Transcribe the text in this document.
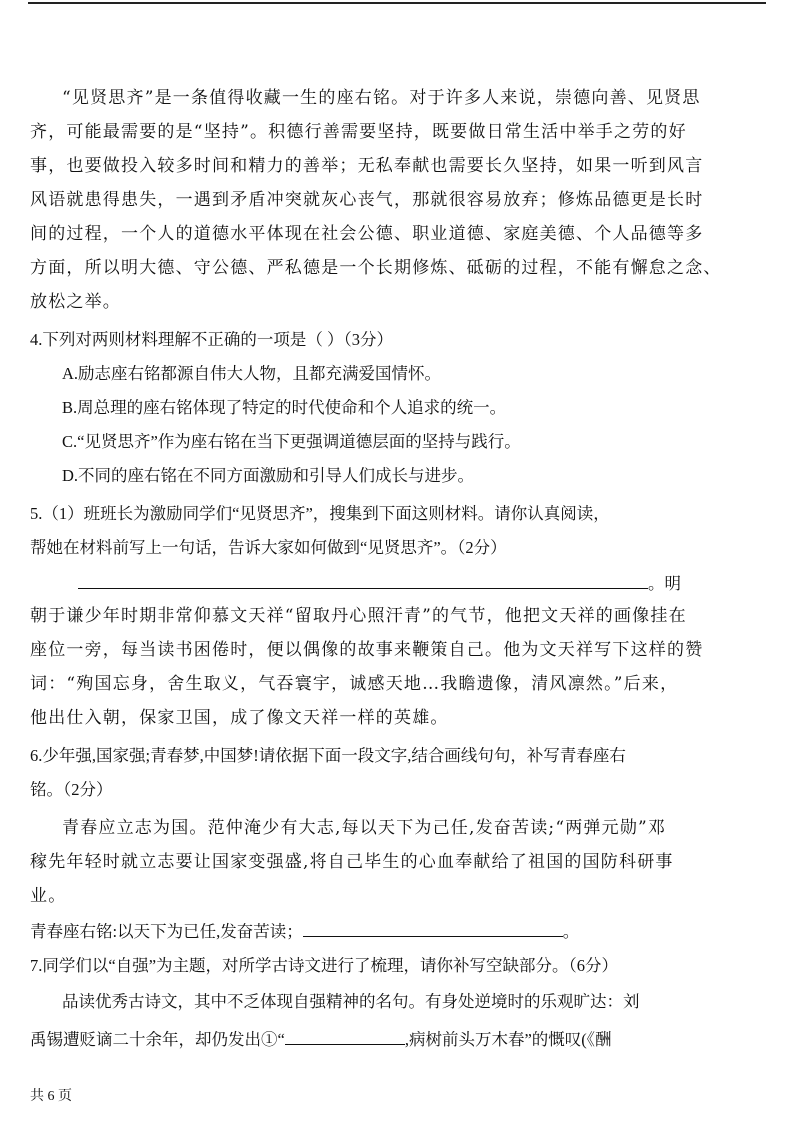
“见贤思齐”是一条值得收藏一生的座右铭。对于许多人来说，崇德向善、见贤思
齐，可能最需要的是“坚持”。积德行善需要坚持，既要做日常生活中举手之劳的好
事，也要做投入较多时间和精力的善举；无私奉献也需要长久坚持，如果一听到风言
风语就患得患失，一遇到矛盾冲突就灰心丧气，那就很容易放弃；修炼品德更是长时
间的过程，一个人的道德水平体现在社会公德、职业道德、家庭美德、个人品德等多
方面，所以明大德、守公德、严私德是一个长期修炼、砥砺的过程，不能有懈怠之念、
放松之举。
4.下列对两则材料理解不正确的一项是（ ）（3分）
A.励志座右铭都源自伟大人物，且都充满爱国情怀。
B.周总理的座右铭体现了特定的时代使命和个人追求的统一。
C.“见贤思齐”作为座右铭在当下更强调道德层面的坚持与践行。
D.不同的座右铭在不同方面激励和引导人们成长与进步。
5.（1）班班长为激励同学们“见贤思齐”，搜集到下面这则材料。请你认真阅读，
帮她在材料前写上一句话，告诉大家如何做到“见贤思齐”。（2分）
。明
朝于谦少年时期非常仰慕文天祥“留取丹心照汗青”的气节，他把文天祥的画像挂在
座位一旁，每当读书困倦时，便以偶像的故事来鞭策自己。他为文天祥写下这样的赞
词：“殉国忘身，舍生取义，气吞寰宇，诚感天地…我瞻遗像，清风凛然。”后来，
他出仕入朝，保家卫国，成了像文天祥一样的英雄。
6.少年强,国家强;青春梦,中国梦!请依据下面一段文字,结合画线句句，补写青春座右
铭。（2分）
青春应立志为国。范仲淹少有大志,每以天下为己任,发奋苦读;“两弹元勋”邓
稼先年轻时就立志要让国家变强盛,将自己毕生的心血奉献给了祖国的国防科研事
业。
青春座右铭:以天下为已任,发奋苦读；	。
7.同学们以“自强”为主题，对所学古诗文进行了梳理，请你补写空缺部分。（6分）
品读优秀古诗文，其中不乏体现自强精神的名句。有身处逆境时的乐观旷达：刘
禹锡遭贬谪二十余年，却仍发出①“	,病树前头万木春”的慨叹(《酬
共 6 页
